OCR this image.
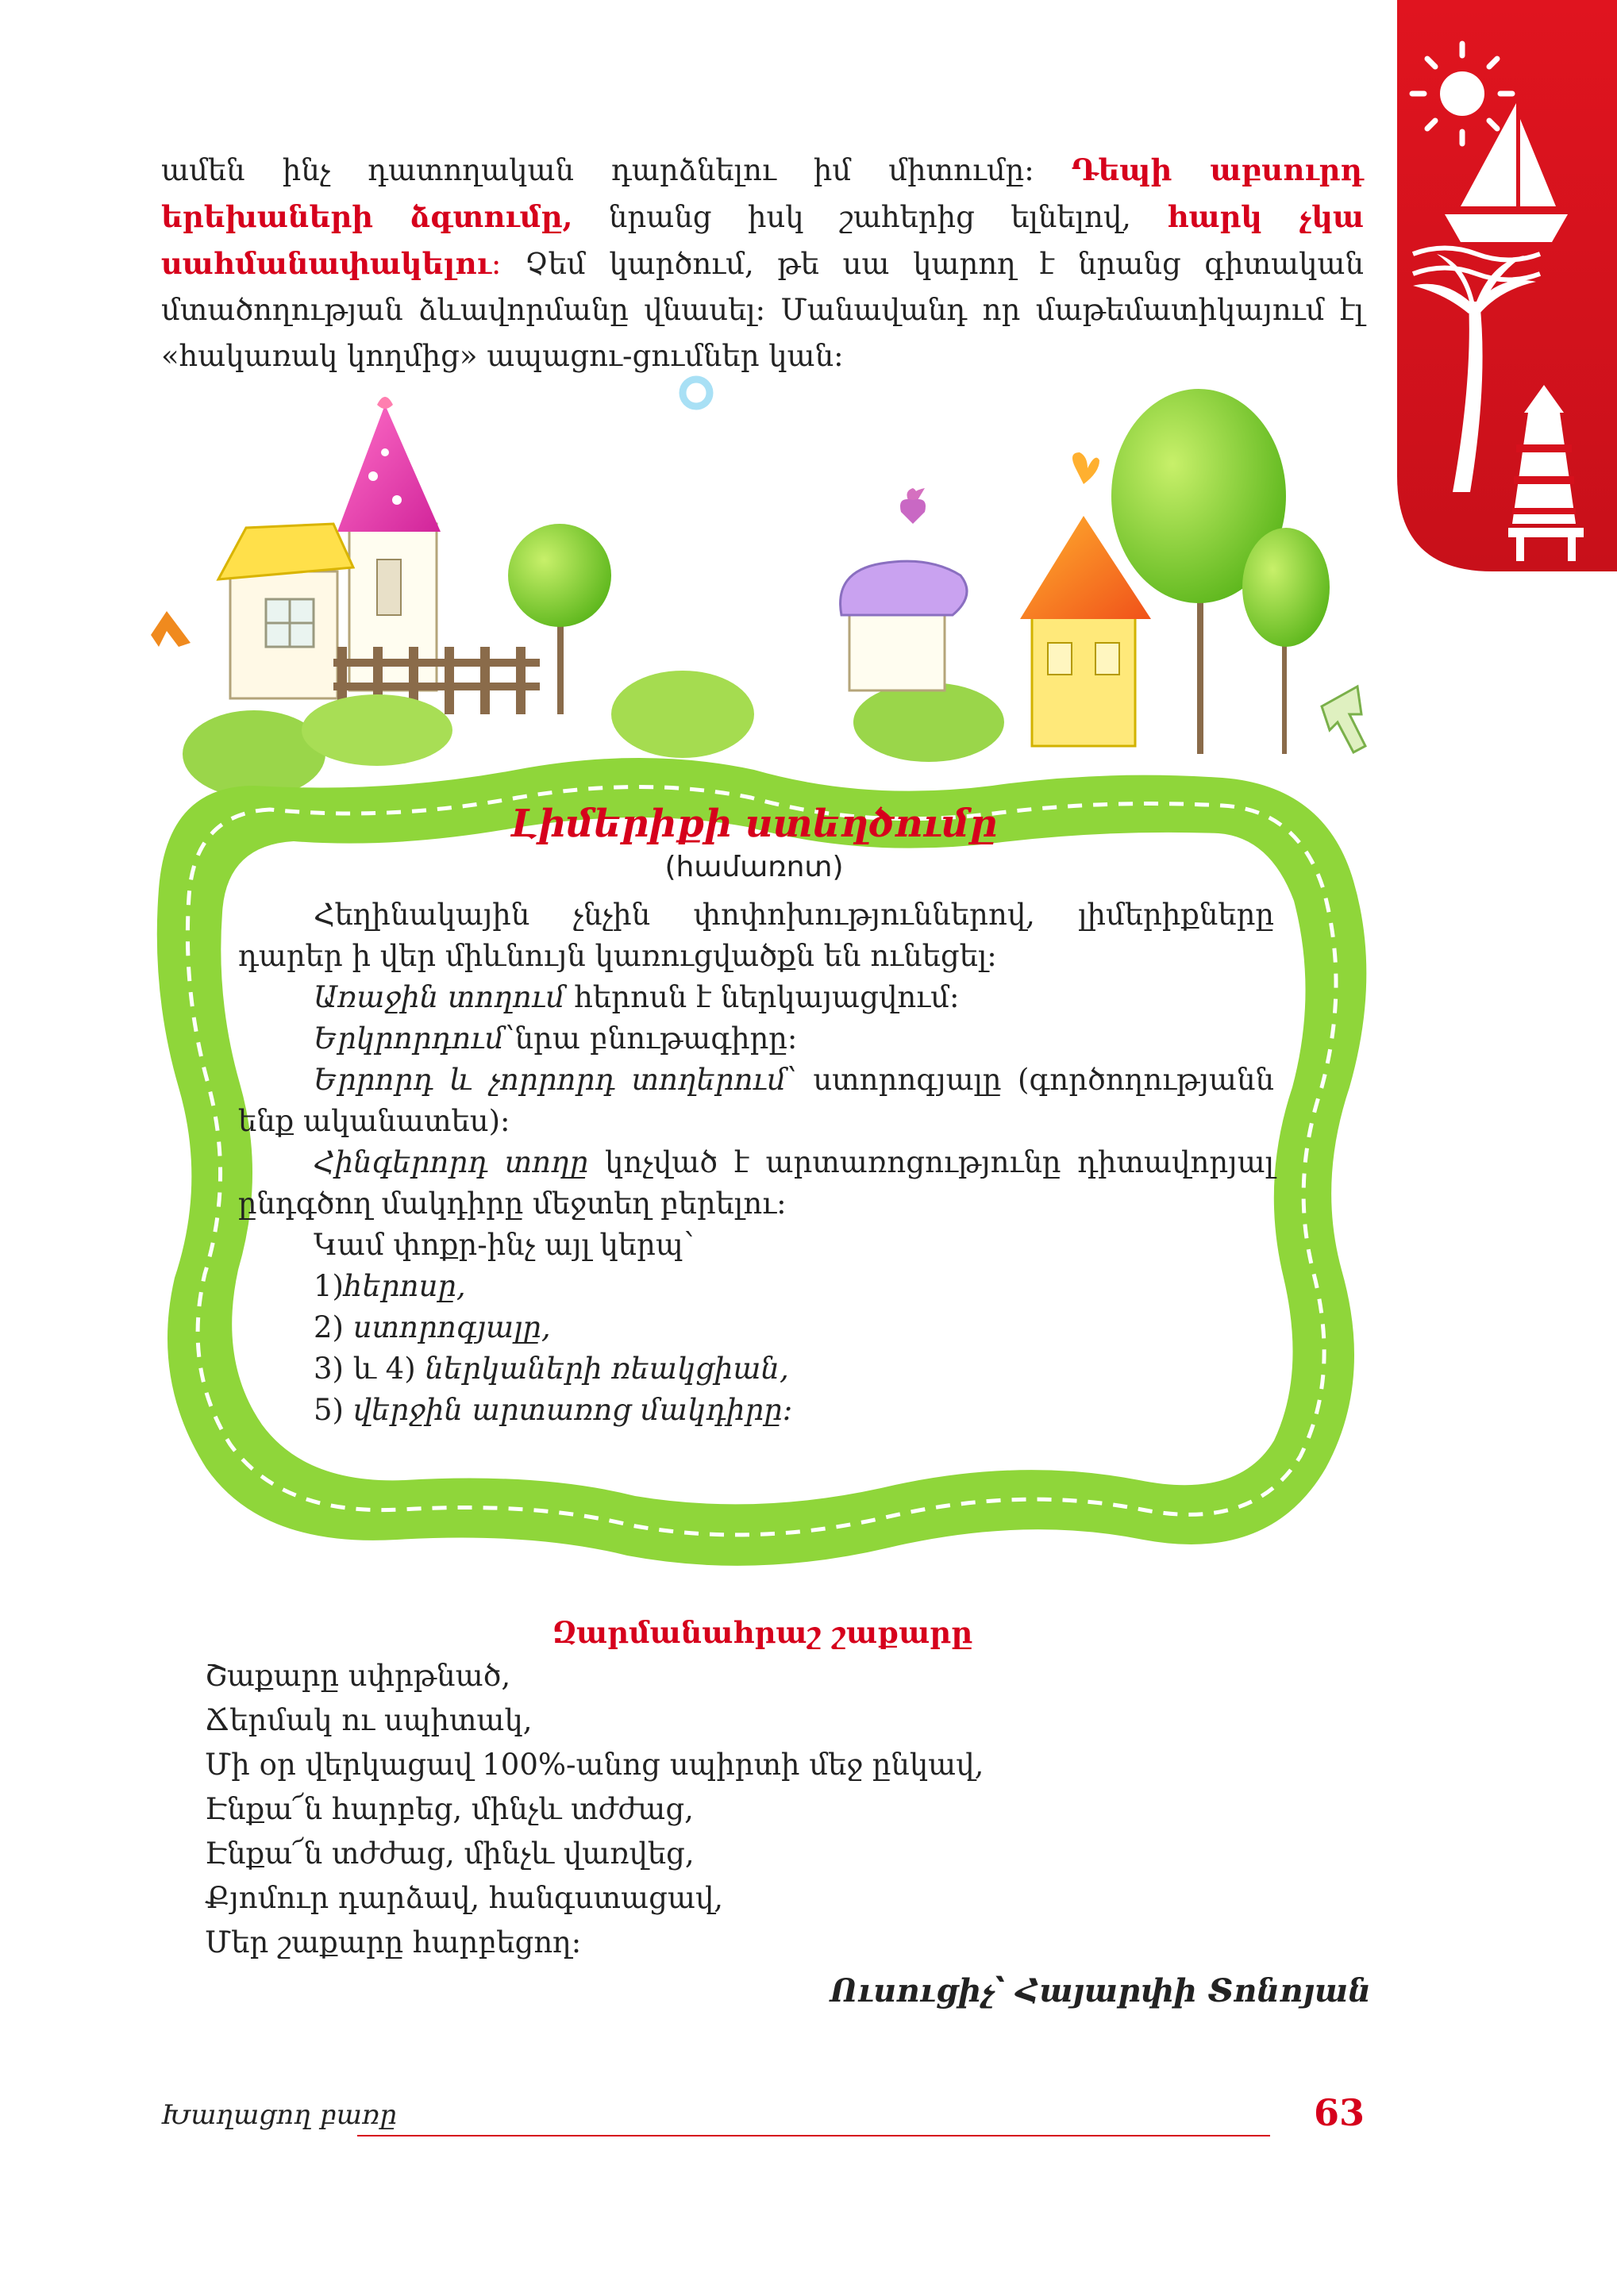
ամեն ինչ դատողական դարձնելու իմ միտումը։ Դեպի աբսուրդ երեխաների ձգտումը, նրանց իսկ շահերից ելնելով, հարկ չկա սահմանափակելու։ Չեմ կարծում, թե սա կարող է նրանց գիտական մտածողության ձևավորմանը վնասել։ Մանավանդ որ մաթեմատիկայում էլ «հակառակ կողմից» ապացու-ցումներ կան։
Լիմերիքի ստեղծումը
(համառոտ)
Հեղինակային չնչին փոփոխություններով, լիմերիքները
դարեր ի վեր միևնույն կառուցվածքն են ունեցել։
Առաջին տողում հերոսն է ներկայացվում։
Երկրորդում՝նրա բնութագիրը։
Երրորդ և չորրորդ տողերում՝ ստորոգյալը (գործողությանն
ենք ականատես)։
Հինգերորդ տողը կոչված է արտառոցությունը դիտավորյալ
ընդգծող մակդիրը մեջտեղ բերելու։
Կամ փոքր-ինչ այլ կերպ՝
1)հերոսը,
2) ստորոգյալը,
3) և 4) ներկաների ռեակցիան,
5) վերջին արտառոց մակդիրը։
Զարմանահրաշ շաքարը
Շաքարը սփրթնած,
Ճերմակ ու սպիտակ,
Մի օր վերկացավ 100%-անոց սպիրտի մեջ ընկավ,
Էնքա՜ն հարբեց, մինչև տժժաց,
Էնքա՜ն տժժաց, մինչև վառվեց,
Քյոմուր դարձավ, հանգստացավ,
Մեր շաքարը հարբեցող։
Ուսուցիչ՝ Հայարփի Տոնոյան
Խաղացող բառը	63
